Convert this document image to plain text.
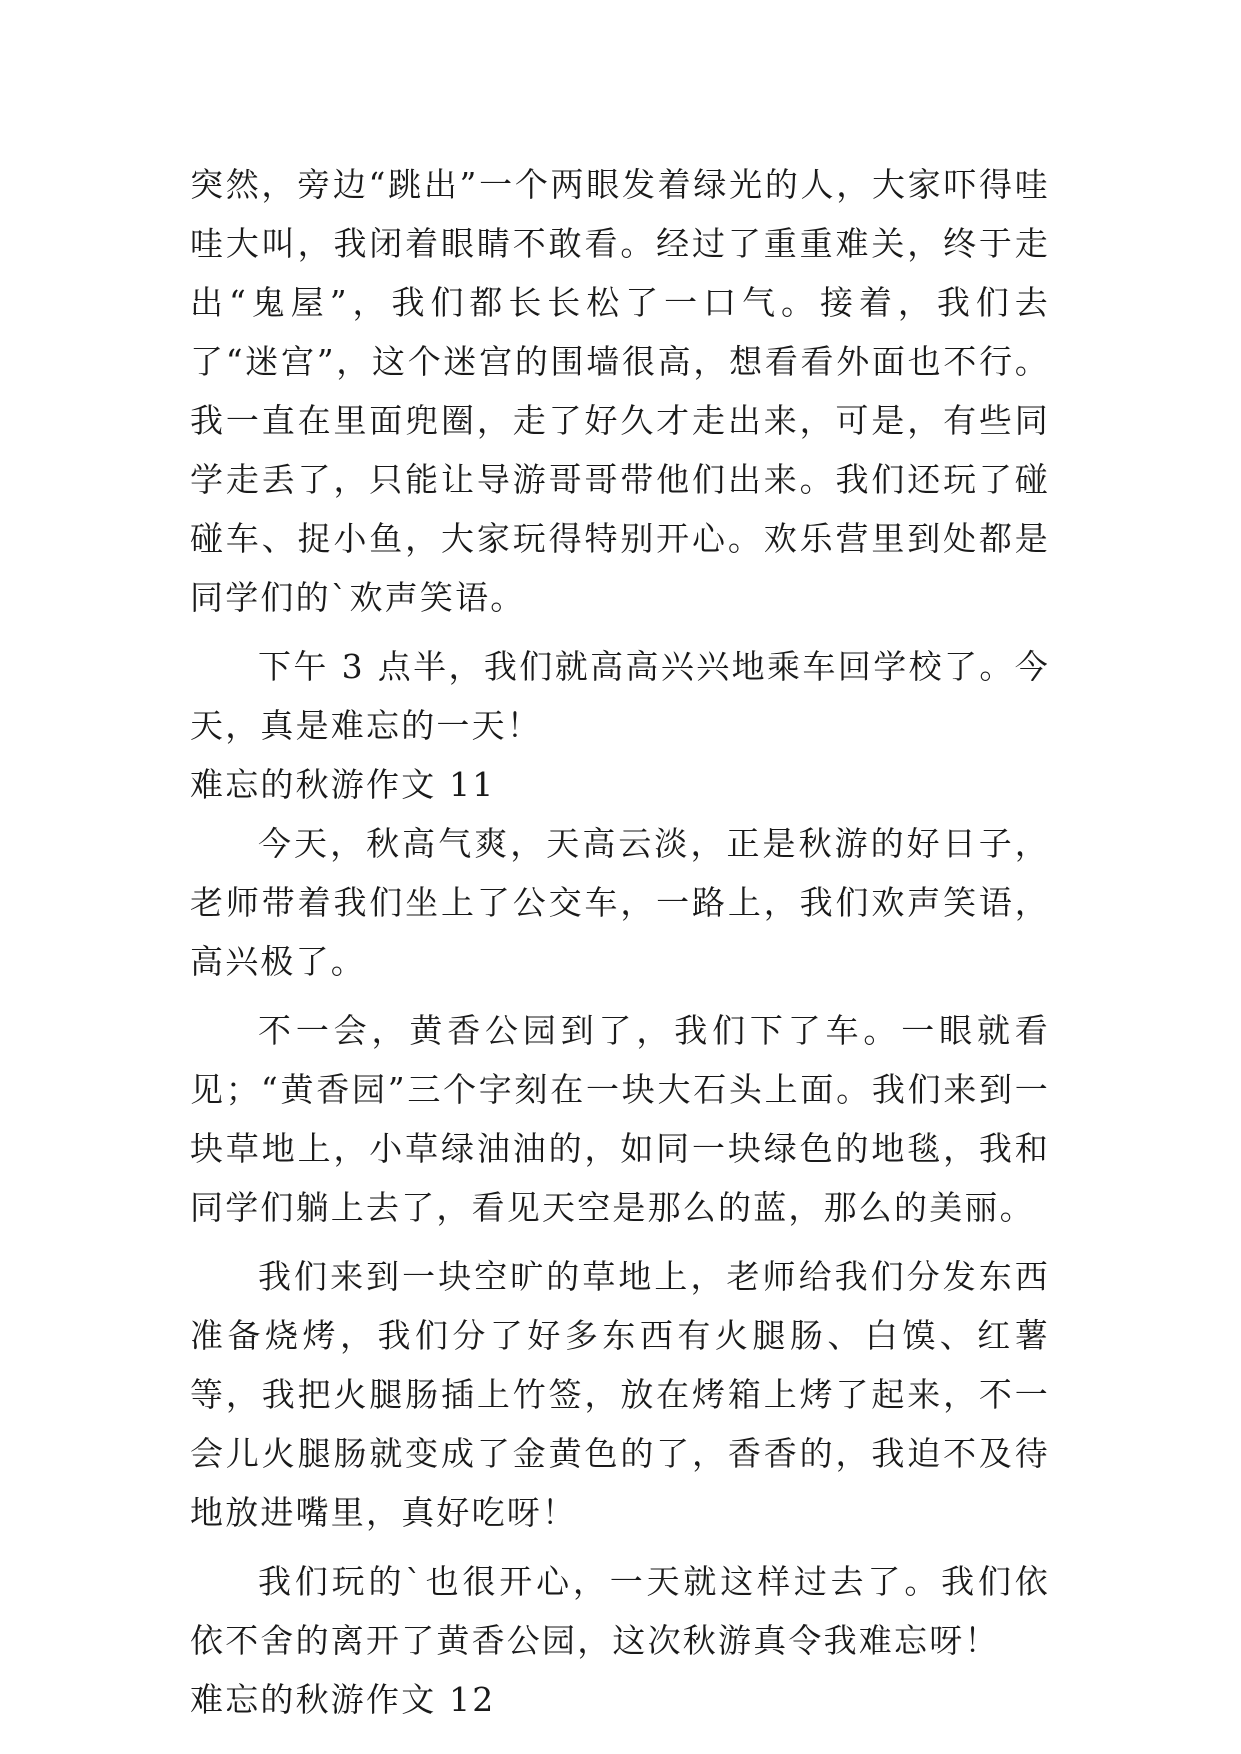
突然，旁边“跳出”一个两眼发着绿光的人，大家吓得哇哇大叫，我闭着眼睛不敢看。经过了重重难关，终于走出“鬼屋”，我们都长长松了一口气。接着，我们去了“迷宫”，这个迷宫的围墙很高，想看看外面也不行。我一直在里面兜圈，走了好久才走出来，可是，有些同学走丢了，只能让导游哥哥带他们出来。我们还玩了碰碰车、捉小鱼，大家玩得特别开心。欢乐营里到处都是同学们的`欢声笑语。

下午 3 点半，我们就高高兴兴地乘车回学校了。今天，真是难忘的一天！

难忘的秋游作文 11

今天，秋高气爽，天高云淡，正是秋游的好日子，老师带着我们坐上了公交车，一路上，我们欢声笑语，高兴极了。

不一会，黄香公园到了，我们下了车。一眼就看见；“黄香园”三个字刻在一块大石头上面。我们来到一块草地上，小草绿油油的，如同一块绿色的地毯，我和同学们躺上去了，看见天空是那么的蓝，那么的美丽。

我们来到一块空旷的草地上，老师给我们分发东西准备烧烤，我们分了好多东西有火腿肠、白馍、红薯等，我把火腿肠插上竹签，放在烤箱上烤了起来，不一会儿火腿肠就变成了金黄色的了，香香的，我迫不及待地放进嘴里，真好吃呀！

我们玩的`也很开心，一天就这样过去了。我们依依不舍的离开了黄香公园，这次秋游真令我难忘呀！

难忘的秋游作文 12
